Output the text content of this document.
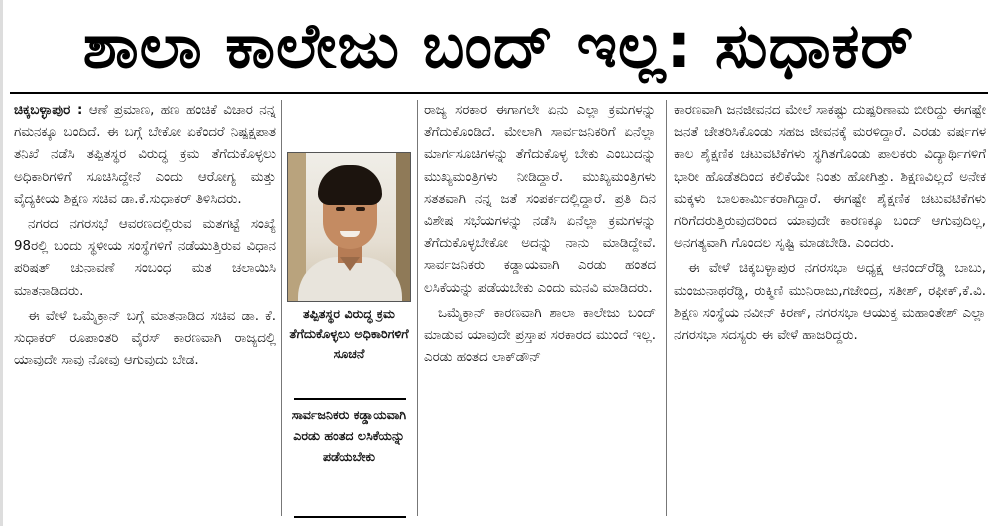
ಶಾಲಾ ಕಾಲೇಜು ಬಂದ್ ಇಲ್ಲ: ಸುಧಾಕರ್

ಚಿಕ್ಕಬಳ್ಳಾಪುರ : ಆಣೆ ಪ್ರಮಾಣ, ಹಣ ಹಂಚಿಕೆ ವಿಚಾರ ನನ್ನ ಗಮನಕ್ಕೂ ಬಂದಿದೆ. ಈ ಬಗ್ಗೆ ಬೇಕೋ ಏಕೆಂದರೆ ನಿಷ್ಪಕ್ಷಪಾತ ತನಿಖೆ ನಡೆಸಿ ತಪ್ಪಿತಸ್ಥರ ವಿರುದ್ಧ ಕ್ರಮ ತೆಗೆದುಕೊಳ್ಳಲು ಅಧಿಕಾರಿಗಳಿಗೆ ಸೂಚಿಸಿದ್ದೇನೆ ಎಂದು ಆರೋಗ್ಯ ಮತ್ತು ವೈದ್ಯಕೀಯ ಶಿಕ್ಷಣ ಸಚಿವ ಡಾ.ಕೆ.ಸುಧಾಕರ್ ತಿಳಿಸಿದರು.

ನಗರದ ನಗರಸಭೆ ಆವರಣದಲ್ಲಿರುವ ಮತಗಟ್ಟೆ ಸಂಖ್ಯೆ 98ರಲ್ಲಿ ಬಂದು ಸ್ಥಳೀಯ ಸಂಸ್ಥೆಗಳಿಗೆ ನಡೆಯುತ್ತಿರುವ ವಿಧಾನ ಪರಿಷತ್ ಚುನಾವಣೆ ಸಂಬಂಧ ಮತ ಚಲಾಯಿಸಿ ಮಾತನಾಡಿದರು.

ಈ ವೇಳೆ ಒಮೈಕ್ರಾನ್ ಬಗ್ಗೆ ಮಾತನಾಡಿದ ಸಚಿವ ಡಾ. ಕೆ. ಸುಧಾಕರ್ ರೂಪಾಂತರಿ ವೈರಸ್ ಕಾರಣವಾಗಿ ರಾಜ್ಯದಲ್ಲಿ ಯಾವುದೇ ಸಾವು ನೋವು ಆಗುವುದು ಬೇಡ.

ತಪ್ಪಿತಸ್ಥರ ವಿರುದ್ಧ ಕ್ರಮ ತೆಗೆದುಕೊಳ್ಳಲು ಅಧಿಕಾರಿಗಳಿಗೆ ಸೂಚನೆ
ಸಾರ್ವಜನಿಕರು ಕಡ್ಡಾಯವಾಗಿ ಎರಡು ಹಂತದ ಲಸಿಕೆಯನ್ನು ಪಡೆಯಬೇಕು

ರಾಜ್ಯ ಸರಕಾರ ಈಗಾಗಲೇ ಏನು ಎಲ್ಲಾ ಕ್ರಮಗಳನ್ನು ತೆಗೆದುಕೊಂಡಿದೆ. ಮೇಲಾಗಿ ಸಾರ್ವಜನಿಕರಿಗೆ ಏನೆಲ್ಲಾ ಮಾರ್ಗಸೂಚಿಗಳನ್ನು ತೆಗೆದುಕೊಳ್ಳ ಬೇಕು ಎಂಬುದನ್ನು ಮುಖ್ಯಮಂತ್ರಿಗಳು ನೀಡಿದ್ದಾರೆ. ಮುಖ್ಯಮಂತ್ರಿಗಳು ಸತತವಾಗಿ ನನ್ನ ಜತೆ ಸಂಪರ್ಕದಲ್ಲಿದ್ದಾರೆ. ಪ್ರತಿ ದಿನ ವಿಶೇಷ ಸಭೆಯಗಳನ್ನು ನಡೆಸಿ ಏನೆಲ್ಲಾ ಕ್ರಮಗಳನ್ನು ತೆಗೆದುಕೊಳ್ಳಬೇಕೋ ಅದನ್ನು ನಾನು ಮಾಡಿದ್ದೇವೆ. ಸಾರ್ವಜನಿಕರು ಕಡ್ಡಾಯವಾಗಿ ಎರಡು ಹಂತದ ಲಸಿಕೆಯನ್ನು ಪಡೆಯಬೇಕು ಎಂದು ಮನವಿ ಮಾಡಿದರು.

ಒಮೈಕ್ರಾನ್ ಕಾರಣವಾಗಿ ಶಾಲಾ ಕಾಲೇಜು ಬಂದ್ ಮಾಡುವ ಯಾವುದೇ ಪ್ರಸ್ತಾಪ ಸರಕಾರದ ಮುಂದೆ ಇಲ್ಲ. ಎರಡು ಹಂತದ ಲಾಕ್‌ಡೌನ್

ಕಾರಣವಾಗಿ ಜನಜೀವನದ ಮೇಲೆ ಸಾಕಷ್ಟು ದುಷ್ಪರಿಣಾಮ ಬೀರಿದ್ದು ಈಗಷ್ಟೇ ಜನತೆ ಚೇತರಿಸಿಕೊಂಡು ಸಹಜ ಜೀವನಕ್ಕೆ ಮರಳಿದ್ದಾರೆ. ಎರಡು ವರ್ಷಗಳ ಕಾಲ ಶೈಕ್ಷಣಿಕ ಚಟುವಟಿಕೆಗಳು ಸ್ಥಗಿತಗೊಂಡು ಪಾಲಕರು ವಿದ್ಯಾರ್ಥಿಗಳಿಗೆ ಭಾರೀ ಹೊಡೆತದಿಂದ ಕಲಿಕೆಯೇ ನಿಂತು ಹೋಗಿತ್ತು. ಶಿಕ್ಷಣವಿಲ್ಲದೆ ಅನೇಕ ಮಕ್ಕಳು ಬಾಲಕಾರ್ಮಿಕರಾಗಿದ್ದಾರೆ. ಈಗಷ್ಟೇ ಶೈಕ್ಷಣಿಕ ಚಟುವಟಿಕೆಗಳು ಗರಿಗೆದರುತ್ತಿರುವುದರಿಂದ ಯಾವುದೇ ಕಾರಣಕ್ಕೂ ಬಂದ್ ಆಗುವುದಿಲ್ಲ, ಅನಗತ್ಯವಾಗಿ ಗೊಂದಲ ಸೃಷ್ಟಿ ಮಾಡಬೇಡಿ. ಎಂದರು.

ಈ ವೇಳೆ ಚಿಕ್ಕಬಳ್ಳಾಪುರ ನಗರಸಭಾ ಅಧ್ಯಕ್ಷ ಆನಂದ್‌ರೆಡ್ಡಿ ಬಾಬು, ಮಂಜುನಾಥರೆಡ್ಡಿ, ರುಕ್ಮಿಣಿ ಮುನಿರಾಜು,ಗಜೇಂದ್ರ, ಸತೀಶ್, ರಫೀಕ್,ಕೆ.ವಿ. ಶಿಕ್ಷಣ ಸಂಸ್ಥೆಯ ನವೀನ್ ಕಿರಣ್, ನಗರಸಭಾ ಆಯುಕ್ತ ಮಹಾಂತೇಶ್ ಎಲ್ಲಾ ನಗರಸಭಾ ಸದಸ್ಯರು ಈ ವೇಳೆ ಹಾಜರಿದ್ದರು.
